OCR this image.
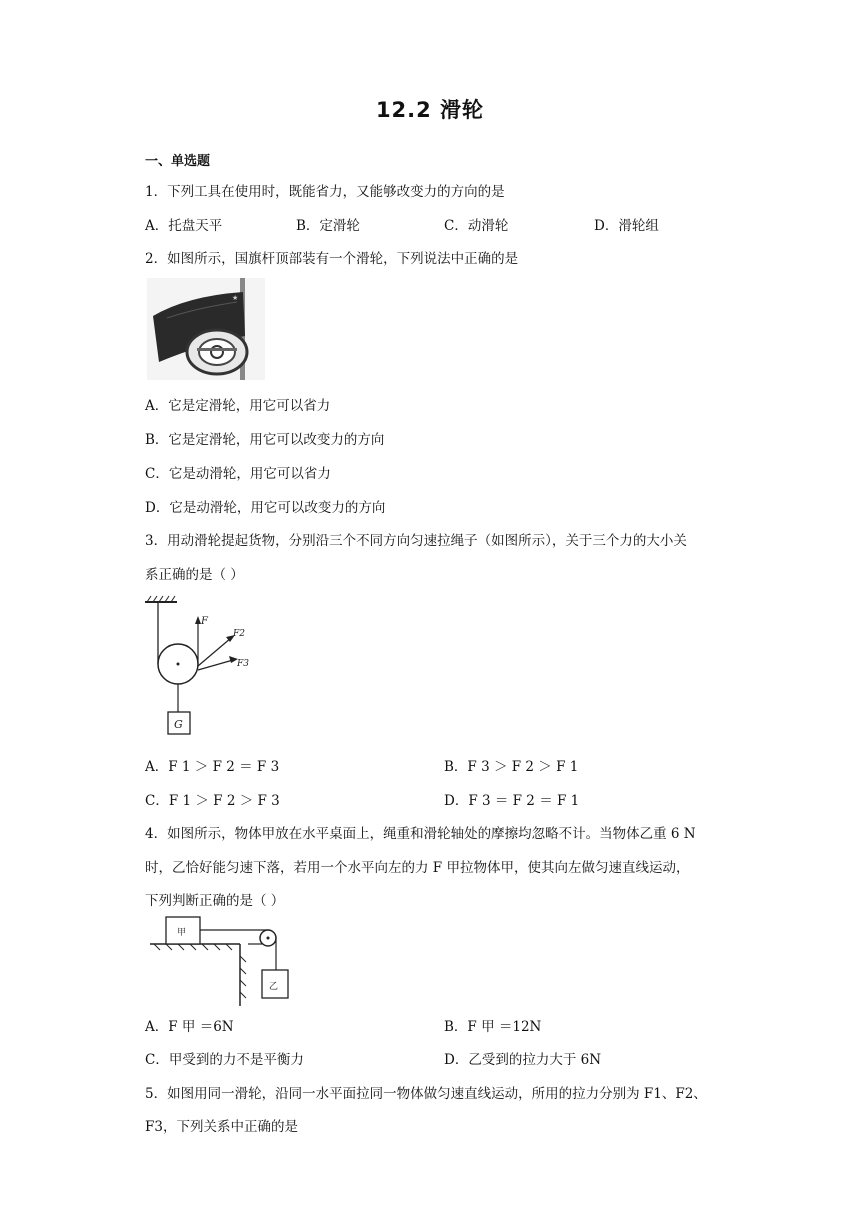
12.2 滑轮
一、单选题
1．下列工具在使用时，既能省力，又能够改变力的方向的是
A．托盘天平	B．定滑轮	C．动滑轮	D．滑轮组
2．如图所示，国旗杆顶部装有一个滑轮，下列说法中正确的是
★
A．它是定滑轮，用它可以省力
B．它是定滑轮，用它可以改变力的方向
C．它是动滑轮，用它可以省力
D．它是动滑轮，用它可以改变力的方向
3．用动滑轮提起货物，分别沿三个不同方向匀速拉绳子（如图所示），关于三个力的大小关
系正确的是（ ）
F
F2
F3
G
A．F 1 ＞ F 2 ＝ F 3	B．F 3 ＞ F 2 ＞ F 1
C．F 1 ＞ F 2 ＞ F 3	D．F 3 ＝ F 2 ＝ F 1
4．如图所示，物体甲放在水平桌面上，绳重和滑轮轴处的摩擦均忽略不计。当物体乙重 6 N
时，乙恰好能匀速下落，若用一个水平向左的力 F 甲拉物体甲，使其向左做匀速直线运动，
下列判断正确的是（ ）
甲
乙
A．F 甲 ＝6N	B．F 甲 ＝12N
C．甲受到的力不是平衡力	D．乙受到的拉力大于 6N
5．如图用同一滑轮，沿同一水平面拉同一物体做匀速直线运动，所用的拉力分别为 F1、F2、
F3，下列关系中正确的是
